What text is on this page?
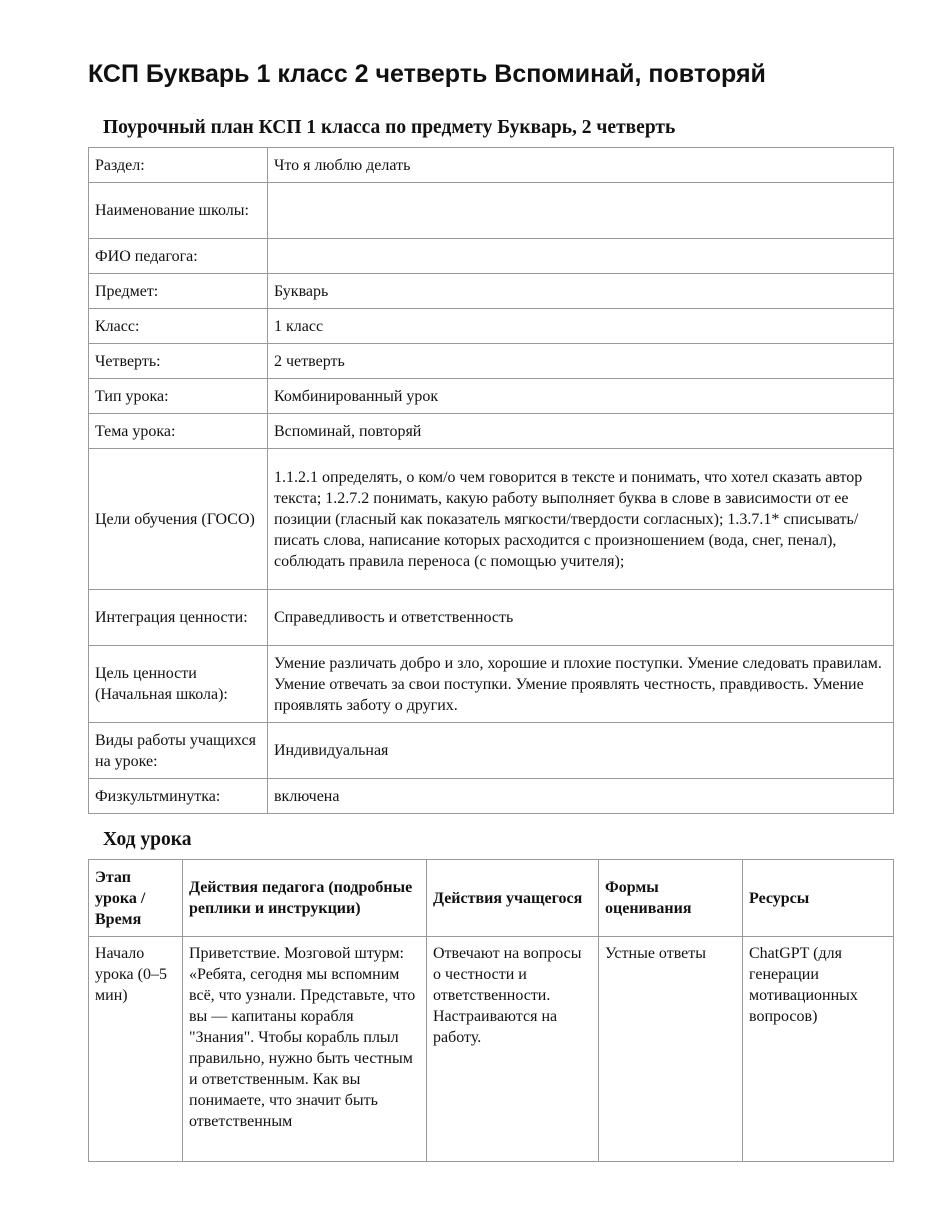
КСП Букварь 1 класс 2 четверть Вспоминай, повторяй
Поурочный план КСП 1 класса по предмету Букварь, 2 четверть
Раздел:	Что я люблю делать
Наименование школы:	
ФИО педагога:	
Предмет:	Букварь
Класс:	1 класс
Четверть:	2 четверть
Тип урока:	Комбинированный урок
Тема урока:	Вспоминай, повторяй
Цели обучения (ГОСО)	1.1.2.1 определять, о ком/о чем говорится в тексте и понимать, что хотел сказать автор текста; 1.2.7.2 понимать, какую работу выполняет буква в слове в зависимости от ее позиции (гласный как показатель мягкости/твердости согласных); 1.3.7.1* списывать/писать слова, написание которых расходится с произношением (вода, снег, пенал), соблюдать правила переноса (с помощью учителя);
Интеграция ценности:	Справедливость и ответственность
Цель ценности (Начальная школа):	Умение различать добро и зло, хорошие и плохие поступки. Умение следовать правилам. Умение отвечать за свои поступки. Умение проявлять честность, правдивость. Умение проявлять заботу о других.
Виды работы учащихся на уроке:	Индивидуальная
Физкультминутка:	включена
Ход урока
Этап урока / Время	Действия педагога (подробные реплики и инструкции)	Действия учащегося	Формы оценивания	Ресурсы
Начало урока (0–5 мин)	Приветствие. Мозговой штурм: «Ребята, сегодня мы вспомним всё, что узнали. Представьте, что вы — капитаны корабля "Знания". Чтобы корабль плыл правильно, нужно быть честным и ответственным. Как вы понимаете, что значит быть ответственным	Отвечают на вопросы о честности и ответственности. Настраиваются на работу.	Устные ответы	ChatGPT (для генерации мотивационных вопросов)
